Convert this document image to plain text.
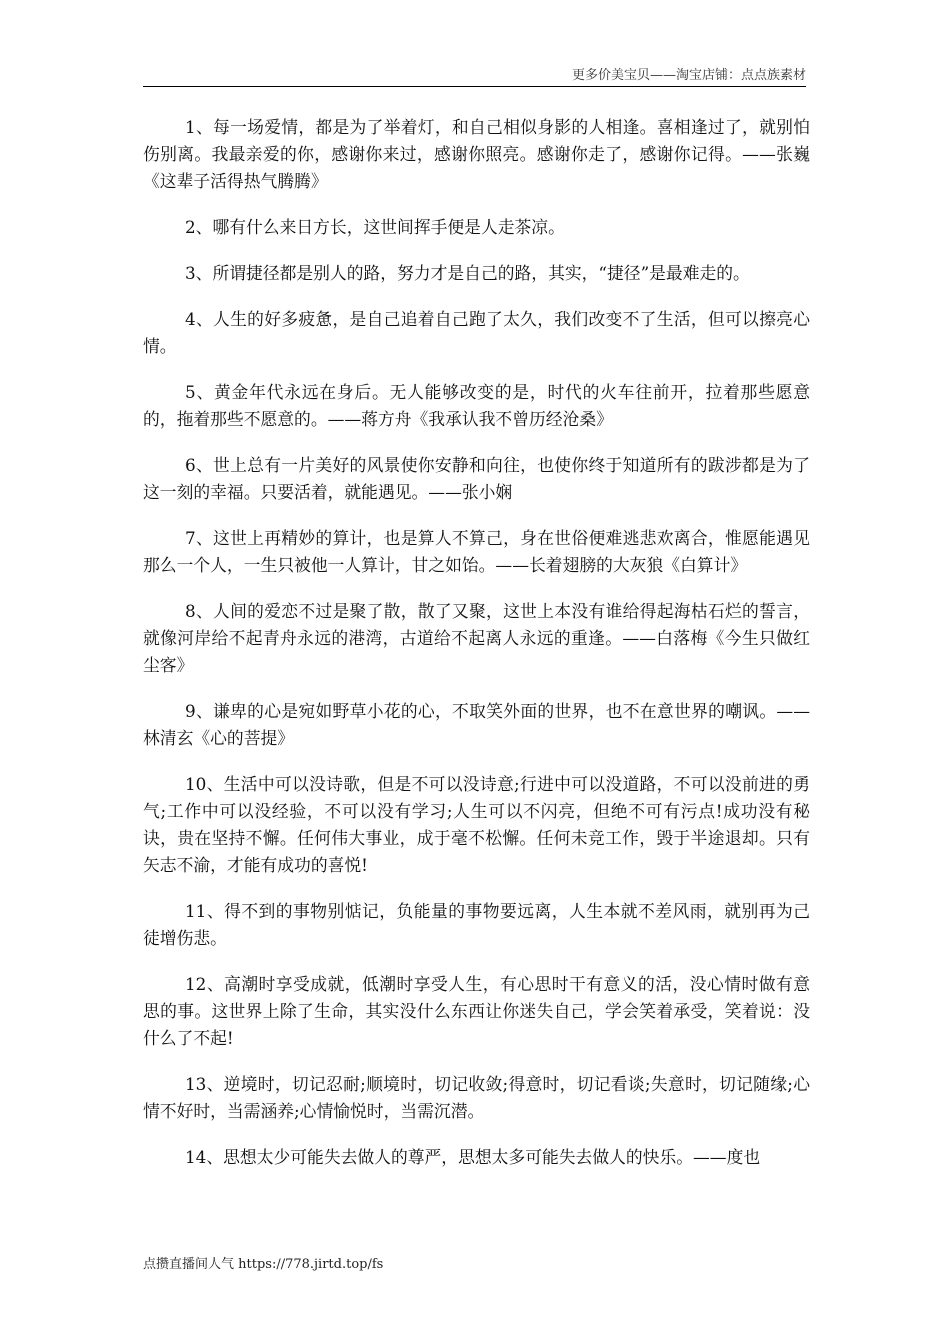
更多价美宝贝——淘宝店铺：点点族素材

1、每一场爱情，都是为了举着灯，和自己相似身影的人相逢。喜相逢过了，就别怕伤别离。我最亲爱的你，感谢你来过，感谢你照亮。感谢你走了，感谢你记得。——张巍《这辈子活得热气腾腾》

2、哪有什么来日方长，这世间挥手便是人走茶凉。

3、所谓捷径都是别人的路，努力才是自己的路，其实，“捷径”是最难走的。

4、人生的好多疲惫，是自己追着自己跑了太久，我们改变不了生活，但可以擦亮心情。

5、黄金年代永远在身后。无人能够改变的是，时代的火车往前开，拉着那些愿意的，拖着那些不愿意的。——蒋方舟《我承认我不曾历经沧桑》

6、世上总有一片美好的风景使你安静和向往，也使你终于知道所有的跋涉都是为了这一刻的幸福。只要活着，就能遇见。——张小娴

7、这世上再精妙的算计，也是算人不算己，身在世俗便难逃悲欢离合，惟愿能遇见那么一个人，一生只被他一人算计，甘之如饴。——长着翅膀的大灰狼《白算计》

8、人间的爱恋不过是聚了散，散了又聚，这世上本没有谁给得起海枯石烂的誓言，就像河岸给不起青舟永远的港湾，古道给不起离人永远的重逢。——白落梅《今生只做红尘客》

9、谦卑的心是宛如野草小花的心，不取笑外面的世界，也不在意世界的嘲讽。——林清玄《心的菩提》

10、生活中可以没诗歌，但是不可以没诗意;行进中可以没道路，不可以没前进的勇气;工作中可以没经验，不可以没有学习;人生可以不闪亮，但绝不可有污点!成功没有秘诀，贵在坚持不懈。任何伟大事业，成于毫不松懈。任何未竞工作，毁于半途退却。只有矢志不渝，才能有成功的喜悦!

11、得不到的事物别惦记，负能量的事物要远离，人生本就不差风雨，就别再为己徒增伤悲。

12、高潮时享受成就，低潮时享受人生，有心思时干有意义的活，没心情时做有意思的事。这世界上除了生命，其实没什么东西让你迷失自己，学会笑着承受，笑着说：没什么了不起!

13、逆境时，切记忍耐;顺境时，切记收敛;得意时，切记看谈;失意时，切记随缘;心情不好时，当需涵养;心情愉悦时，当需沉潜。

14、思想太少可能失去做人的尊严，思想太多可能失去做人的快乐。——度也

点攒直播间人气 https://778.jirtd.top/fs
